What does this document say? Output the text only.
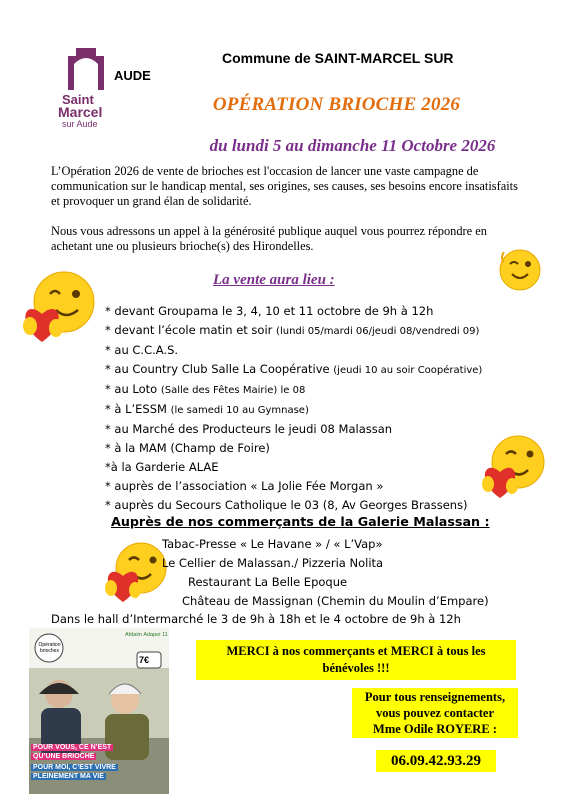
Saint
Marcel
sur Aude
Commune de SAINT-MARCEL SUR
AUDE
OPÉRATION BRIOCHE 2026
du lundi 5 au dimanche 11 Octobre 2026

L’Opération 2026 de vente de brioches est l'occasion de lancer une vaste campagne de communication sur le handicap mental, ses origines, ses causes, ses besoins encore insatisfaits et provoquer un grand élan de solidarité.

Nous vous adressons un appel à la générosité publique auquel vous pourrez répondre en achetant une ou plusieurs brioche(s) des Hirondelles.

La vente aura lieu :
* devant Groupama le 3, 4, 10 et 11 octobre de 9h à 12h
* devant l’école matin et soir (lundi 05/mardi 06/jeudi 08/vendredi 09)
* au C.C.A.S.
* au Country Club Salle La Coopérative (jeudi 10 au soir Coopérative)
* au Loto (Salle des Fêtes Mairie) le 08
* à L’ESSM (le samedi 10 au Gymnase)
* au Marché des Producteurs le jeudi 08 Malassan
* à la MAM (Champ de Foire)
*à la Garderie ALAE
* auprès de l’association « La Jolie Fée Morgan »
* auprès du Secours Catholique le 03 (8, Av Georges Brassens)
Auprès de nos commerçants de la Galerie Malassan :
Tabac-Presse « Le Havane » / « L’Vap»
Le Cellier de Malassan./ Pizzeria Nolita
Restaurant La Belle Epoque
Château de Massignan (Chemin du Moulin d’Empare)
Dans le hall d’Intermarché le 3 de 9h à 18h et le 4 octobre de 9h à 12h
Opération brioches
Afdaim Adapei 11
7€
POUR VOUS, CE N’EST
QU’UNE BRIOCHE
POUR MOI, C’EST VIVRE
PLEINEMENT MA VIE
MERCI à nos commerçants et MERCI à tous les
bénévoles !!!
Pour tous renseignements,
vous pouvez contacter
Mme Odile ROYERE :
06.09.42.93.29
